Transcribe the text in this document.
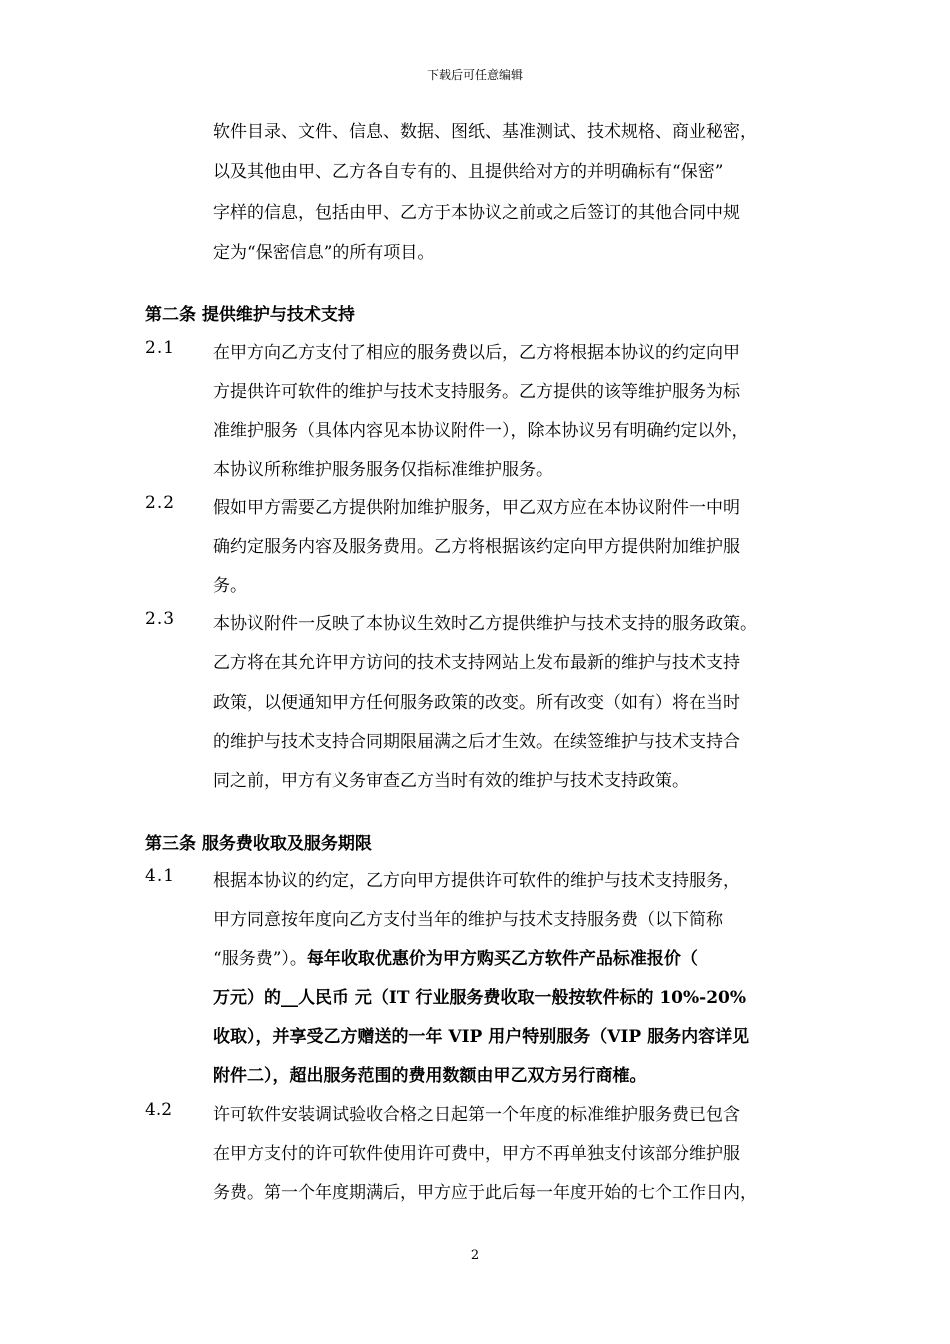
下载后可任意编辑
软件目录、文件、信息、数据、图纸、基准测试、技术规格、商业秘密，
以及其他由甲、乙方各自专有的、且提供给对方的并明确标有“保密”
字样的信息，包括由甲、乙方于本协议之前或之后签订的其他合同中规
定为“保密信息”的所有项目。
第二条 提供维护与技术支持
2.1 在甲方向乙方支付了相应的服务费以后，乙方将根据本协议的约定向甲
方提供许可软件的维护与技术支持服务。乙方提供的该等维护服务为标
准维护服务（具体内容见本协议附件一），除本协议另有明确约定以外，
本协议所称维护服务服务仅指标准维护服务。
2.2 假如甲方需要乙方提供附加维护服务，甲乙双方应在本协议附件一中明
确约定服务内容及服务费用。乙方将根据该约定向甲方提供附加维护服
务。
2.3 本协议附件一反映了本协议生效时乙方提供维护与技术支持的服务政策。
乙方将在其允许甲方访问的技术支持网站上发布最新的维护与技术支持
政策，以便通知甲方任何服务政策的改变。所有改变（如有）将在当时
的维护与技术支持合同期限届满之后才生效。在续签维护与技术支持合
同之前，甲方有义务审查乙方当时有效的维护与技术支持政策。
第三条 服务费收取及服务期限
4.1 根据本协议的约定，乙方向甲方提供许可软件的维护与技术支持服务，
甲方同意按年度向乙方支付当年的维护与技术支持服务费（以下简称
“服务费”）。每年收取优惠价为甲方购买乙方软件产品标准报价（
万元）的__人民币 元（IT 行业服务费收取一般按软件标的 10%-20%
收取），并享受乙方赠送的一年 VIP 用户特别服务（VIP 服务内容详见
附件二），超出服务范围的费用数额由甲乙双方另行商榷。
4.2 许可软件安装调试验收合格之日起第一个年度的标准维护服务费已包含
在甲方支付的许可软件使用许可费中，甲方不再单独支付该部分维护服
务费。第一个年度期满后，甲方应于此后每一年度开始的七个工作日内，
2
